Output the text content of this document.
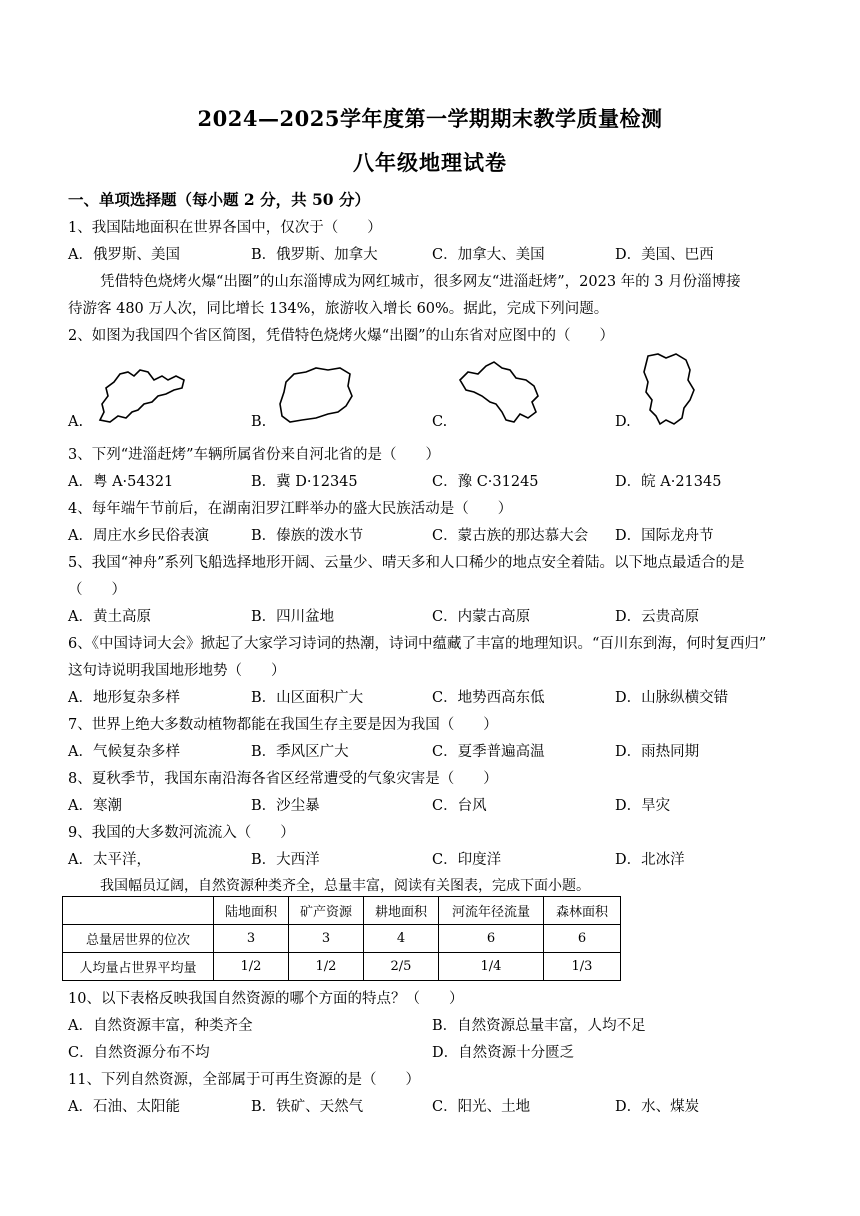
2024—2025学年度第一学期期末教学质量检测
八年级地理试卷
一、单项选择题（每小题 2 分，共 50 分）
1、我国陆地面积在世界各国中，仅次于（　　）
A．俄罗斯、美国	B．俄罗斯、加拿大	C．加拿大、美国	D．美国、巴西
凭借特色烧烤火爆“出圈”的山东淄博成为网红城市，很多网友“进淄赶烤”，2023 年的 3 月份淄博接
待游客 480 万人次，同比增长 134%，旅游收入增长 60%。据此，完成下列问题。
2、如图为我国四个省区简图，凭借特色烧烤火爆“出圈”的山东省对应图中的（　　）
A.	B.	C.	D.
3、下列“进淄赶烤”车辆所属省份来自河北省的是（　　）
A．粤 A·54321	B．冀 D·12345	C．豫 C·31245	D．皖 A·21345
4、每年端午节前后，在湖南汨罗江畔举办的盛大民族活动是（　　）
A．周庄水乡民俗表演	B．傣族的泼水节	C．蒙古族的那达慕大会 D．国际龙舟节
5、我国“神舟”系列飞船选择地形开阔、云量少、晴天多和人口稀少的地点安全着陆。以下地点最适合的是
（　　）
A．黄土高原	B．四川盆地	C．内蒙古高原	D．云贵高原
6、《中国诗词大会》掀起了大家学习诗词的热潮，诗词中蕴藏了丰富的地理知识。“百川东到海，何时复西归”
这句诗说明我国地形地势（　　）
A．地形复杂多样	B．山区面积广大	C．地势西高东低	D．山脉纵横交错
7、世界上绝大多数动植物都能在我国生存主要是因为我国（　　）
A．气候复杂多样	B．季风区广大	C．夏季普遍高温	D．雨热同期
8、夏秋季节，我国东南沿海各省区经常遭受的气象灾害是（　　）
A．寒潮	B．沙尘暴	C．台风	D．旱灾
9、我国的大多数河流流入（　　）
A．太平洋，	B．大西洋	C．印度洋	D．北冰洋
我国幅员辽阔，自然资源种类齐全，总量丰富，阅读有关图表，完成下面小题。
	陆地面积	矿产资源	耕地面积	河流年径流量	森林面积
总量居世界的位次	3	3	4	6	6
人均量占世界平均量	1/2	1/2	2/5	1/4	1/3
10、以下表格反映我国自然资源的哪个方面的特点？（　　）
A．自然资源丰富，种类齐全	B．自然资源总量丰富，人均不足
C．自然资源分布不均	D．自然资源十分匮乏
11、下列自然资源，全部属于可再生资源的是（　　）
A．石油、太阳能	B．铁矿、天然气	C．阳光、土地	D．水、煤炭
